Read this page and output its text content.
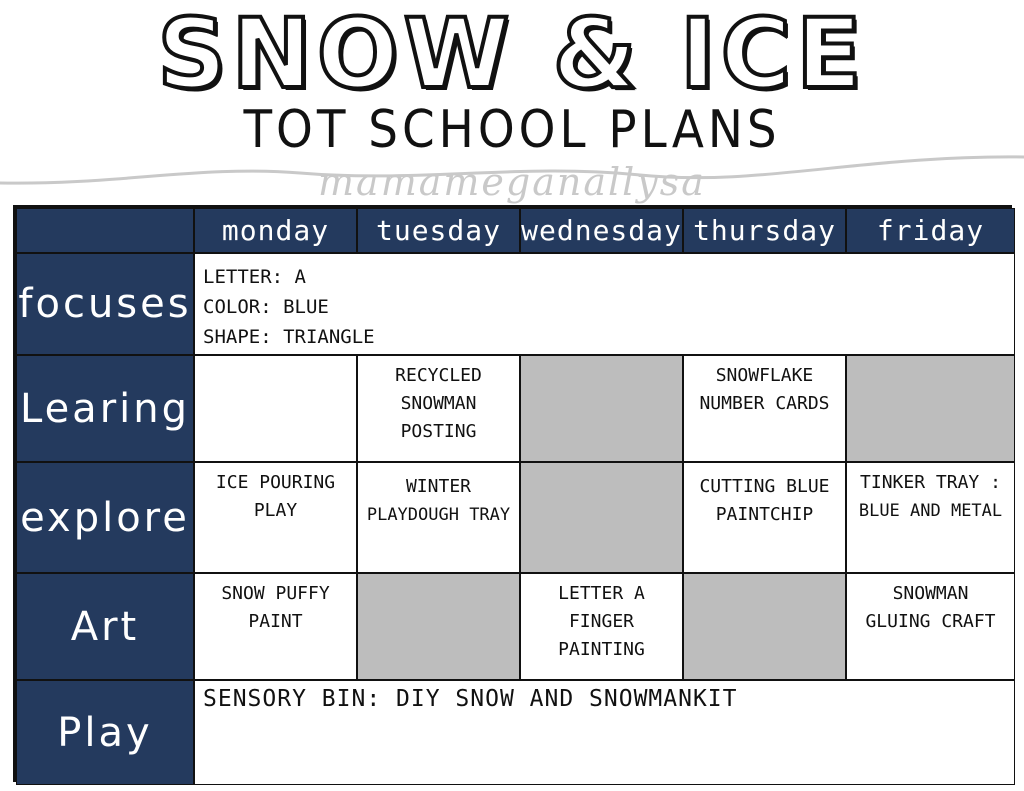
SNOW & ICE
TOT SCHOOL PLANS
mamameganallysa
monday	tuesday wednesday thursday	friday
focuses
LETTER: A
COLOR: BLUE
SHAPE: TRIANGLE
Learing
RECYCLED
SNOWMAN
POSTING
SNOWFLAKE
NUMBER CARDS
explore
ICE POURING
PLAY
WINTER
PLAYDOUGH TRAY
CUTTING BLUE
PAINTCHIP
TINKER TRAY :
BLUE AND METAL
Art
SNOW PUFFY
PAINT
LETTER A
FINGER
PAINTING
SNOWMAN
GLUING CRAFT
Play
SENSORY BIN: DIY SNOW AND SNOWMANKIT
